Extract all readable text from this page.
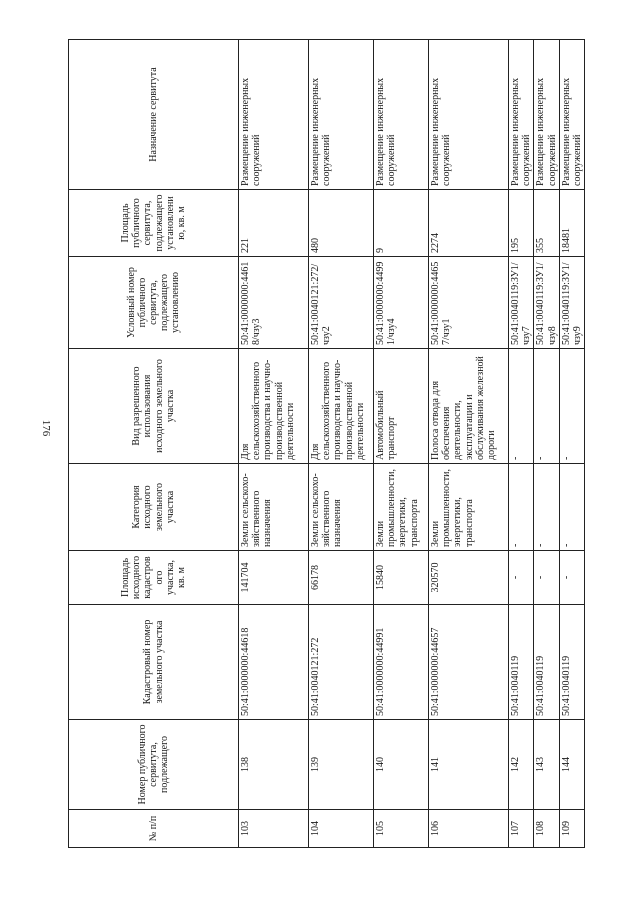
176
№ п/п	Номер публичного сервитута, подлежащего	Кадастровый номер земельного участка	Площадь исходного кадастрового участка, кв. м	Категория исходного земельного участка	Вид разрешенного использования исходного земельного участка	Условный номер публичного сервитута, подлежащего установлению	Площадь публичного сервитута, подлежащего установлению, кв. м	Назначение сервитута
103	138	50:41:0000000:44618	141704	Земли сельскохо-зяйственного назначения	Для сельскохозяйственного производства и научно-производственной деятельности	50:41:0000000:44618/чзу3	221	Размещение инженерных сооружений
104	139	50:41:0040121:272	66178	Земли сельскохо-зяйственного назначения	Для сельскохозяйственного производства и научно-производственной деятельности	50:41:0040121:272/чзу2	480	Размещение инженерных сооружений
105	140	50:41:0000000:44991	15840	Земли промышленности, энергетики, транспорта	Автомобильный транспорт	50:41:0000000:44991/чзу4	9	Размещение инженерных сооружений
106	141	50:41:0000000:44657	320570	Земли промышленности, энергетики, транспорта	Полоса отвода для обеспечения деятельности, эксплуатации и обслуживания железной дороги	50:41:0000000:44657/чзу1	2274	Размещение инженерных сооружений
107	142	50:41:0040119	-	-	-	50:41:0040119:ЗУ1/чзу7	195	Размещение инженерных сооружений
108	143	50:41:0040119	-	-	-	50:41:0040119:ЗУ1/чзу8	355	Размещение инженерных сооружений
109	144	50:41:0040119	-	-	-	50:41:0040119:ЗУ1/чзу9	18481	Размещение инженерных сооружений
